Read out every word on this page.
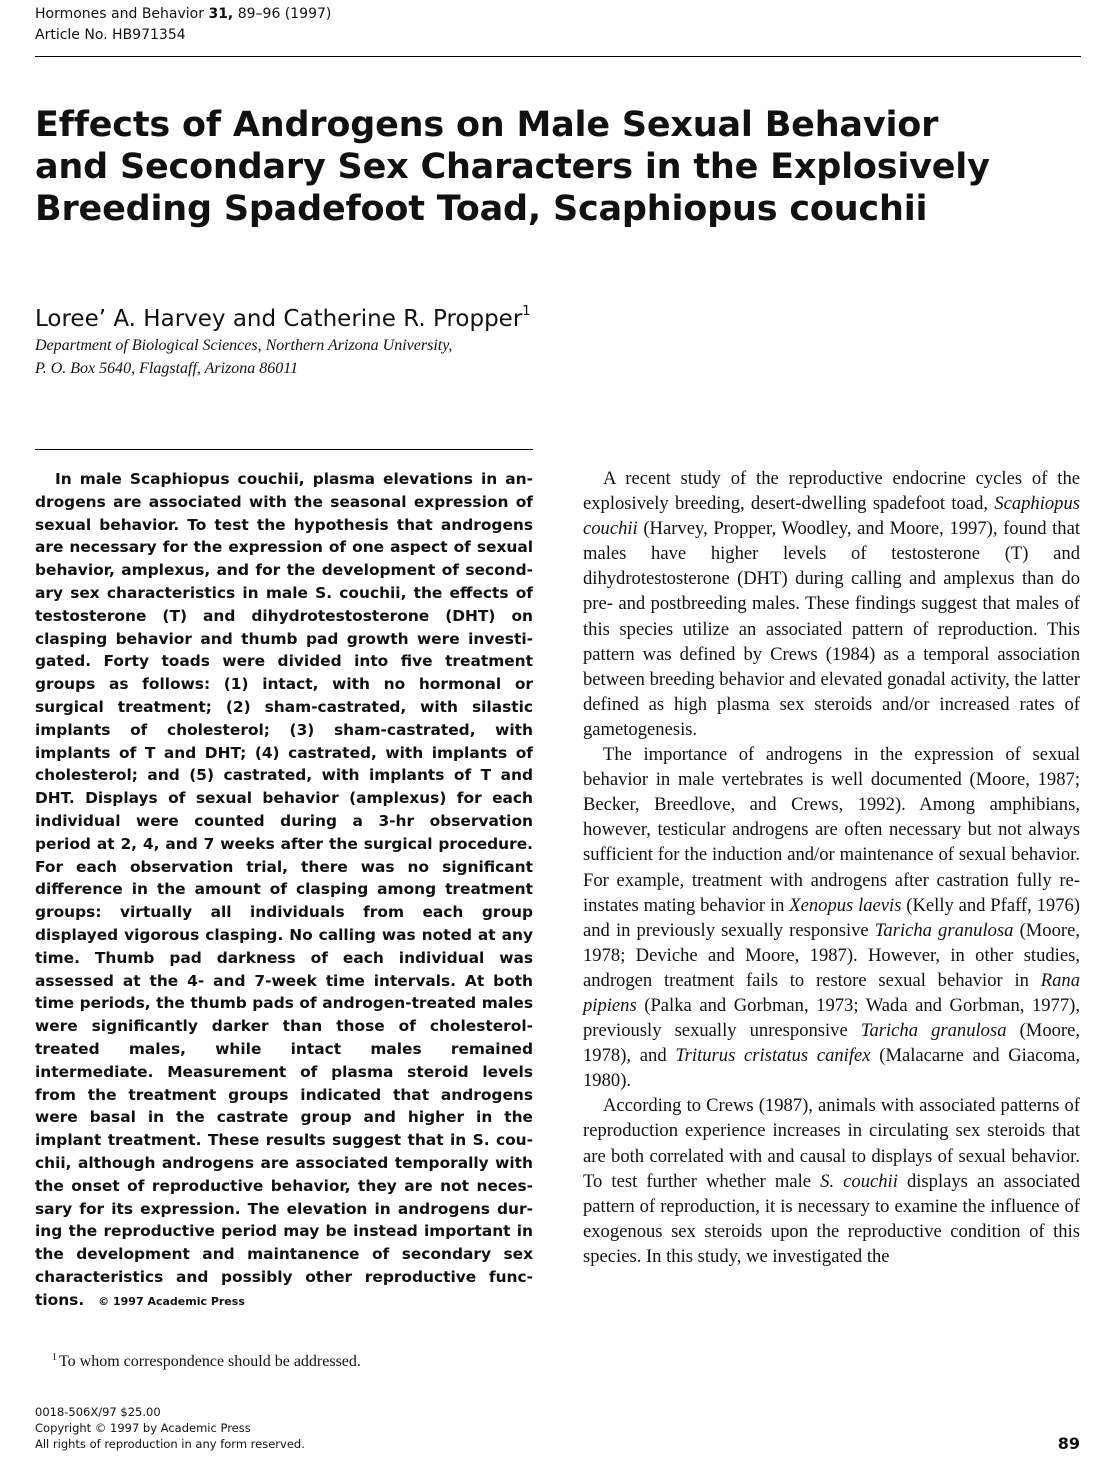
Hormones and Behavior 31, 89–96 (1997)
Article No. HB971354
Effects of Androgens on Male Sexual Behavior
and Secondary Sex Characters in the Explosively
Breeding Spadefoot Toad, Scaphiopus couchii
Loree’ A. Harvey and Catherine R. Propper$^1$
Department of Biological Sciences, Northern Arizona University,
P. O. Box 5640, Flagstaff, Arizona 86011
In male Scaphiopus couchii, plasma elevations in androgens are associated with the seasonal expression of sexual behavior. To test the hypothesis that androgens are necessary for the expression of one aspect of sexual behavior, amplexus, and for the development of secondary sex characteristics in male S. couchii, the effects of testosterone (T) and dihydrotestosterone (DHT) on clasping behavior and thumb pad growth were investigated. Forty toads were divided into five treatment groups as follows: (1) intact, with no hormonal or surgical treatment; (2) sham-castrated, with silastic implants of cholesterol; (3) sham-castrated, with implants of T and DHT; (4) castrated, with implants of cholesterol; and (5) castrated, with implants of T and DHT. Displays of sexual behavior (amplexus) for each individual were counted during a 3-hr observation period at 2, 4, and 7 weeks after the surgical procedure. For each observation trial, there was no significant difference in the amount of clasping among treatment groups: virtually all individuals from each group displayed vigorous clasping. No calling was noted at any time. Thumb pad darkness of each individual was assessed at the 4- and 7-week time intervals. At both time periods, the thumb pads of androgen-treated males were significantly darker than those of cholesterol-treated males, while intact males remained intermediate. Measurement of plasma steroid levels from the treatment groups indicated that androgens were basal in the castrate group and higher in the implant treatment. These results suggest that in S. couchii, although androgens are associated temporally with the onset of reproductive behavior, they are not necessary for its expression. The elevation in androgens during the reproductive period may be instead important in the development and maintanence of secondary sex characteristics and possibly other reproductive functions. © 1997 Academic Press
$^1$ To whom correspondence should be addressed.

A recent study of the reproductive endocrine cycles of the explosively breeding, desert-dwelling spadefoot toad, Scaphiopus couchii (Harvey, Propper, Woodley, and Moore, 1997), found that males have higher levels of testosterone (T) and dihydrotestosterone (DHT) during calling and amplexus than do pre- and postbreeding males. These findings suggest that males of this species utilize an associated pattern of reproduction. This pattern was defined by Crews (1984) as a temporal association between breeding behavior and elevated gonadal activity, the latter defined as high plasma sex steroids and/or increased rates of gametogenesis.

The importance of androgens in the expression of sexual behavior in male vertebrates is well documented (Moore, 1987; Becker, Breedlove, and Crews, 1992). Among amphibians, however, testicular androgens are often necessary but not always sufficient for the induction and/or maintenance of sexual behavior. For example, treatment with androgens after castration fully reinstates mating behavior in Xenopus laevis (Kelly and Pfaff, 1976) and in previously sexually responsive Taricha granulosa (Moore, 1978; Deviche and Moore, 1987). However, in other studies, androgen treatment fails to restore sexual behavior in Rana pipiens (Palka and Gorbman, 1973; Wada and Gorbman, 1977), previously sexually unresponsive Taricha granulosa (Moore, 1978), and Triturus cristatus canifex (Malacarne and Giacoma, 1980).

According to Crews (1987), animals with associated patterns of reproduction experience increases in circulating sex steroids that are both correlated with and causal to displays of sexual behavior. To test further whether male S. couchii displays an associated pattern of reproduction, it is necessary to examine the influence of exogenous sex steroids upon the reproductive condition of this species. In this study, we investigated the

0018-506X/97 $25.00
Copyright © 1997 by Academic Press
All rights of reproduction in any form reserved.	89
